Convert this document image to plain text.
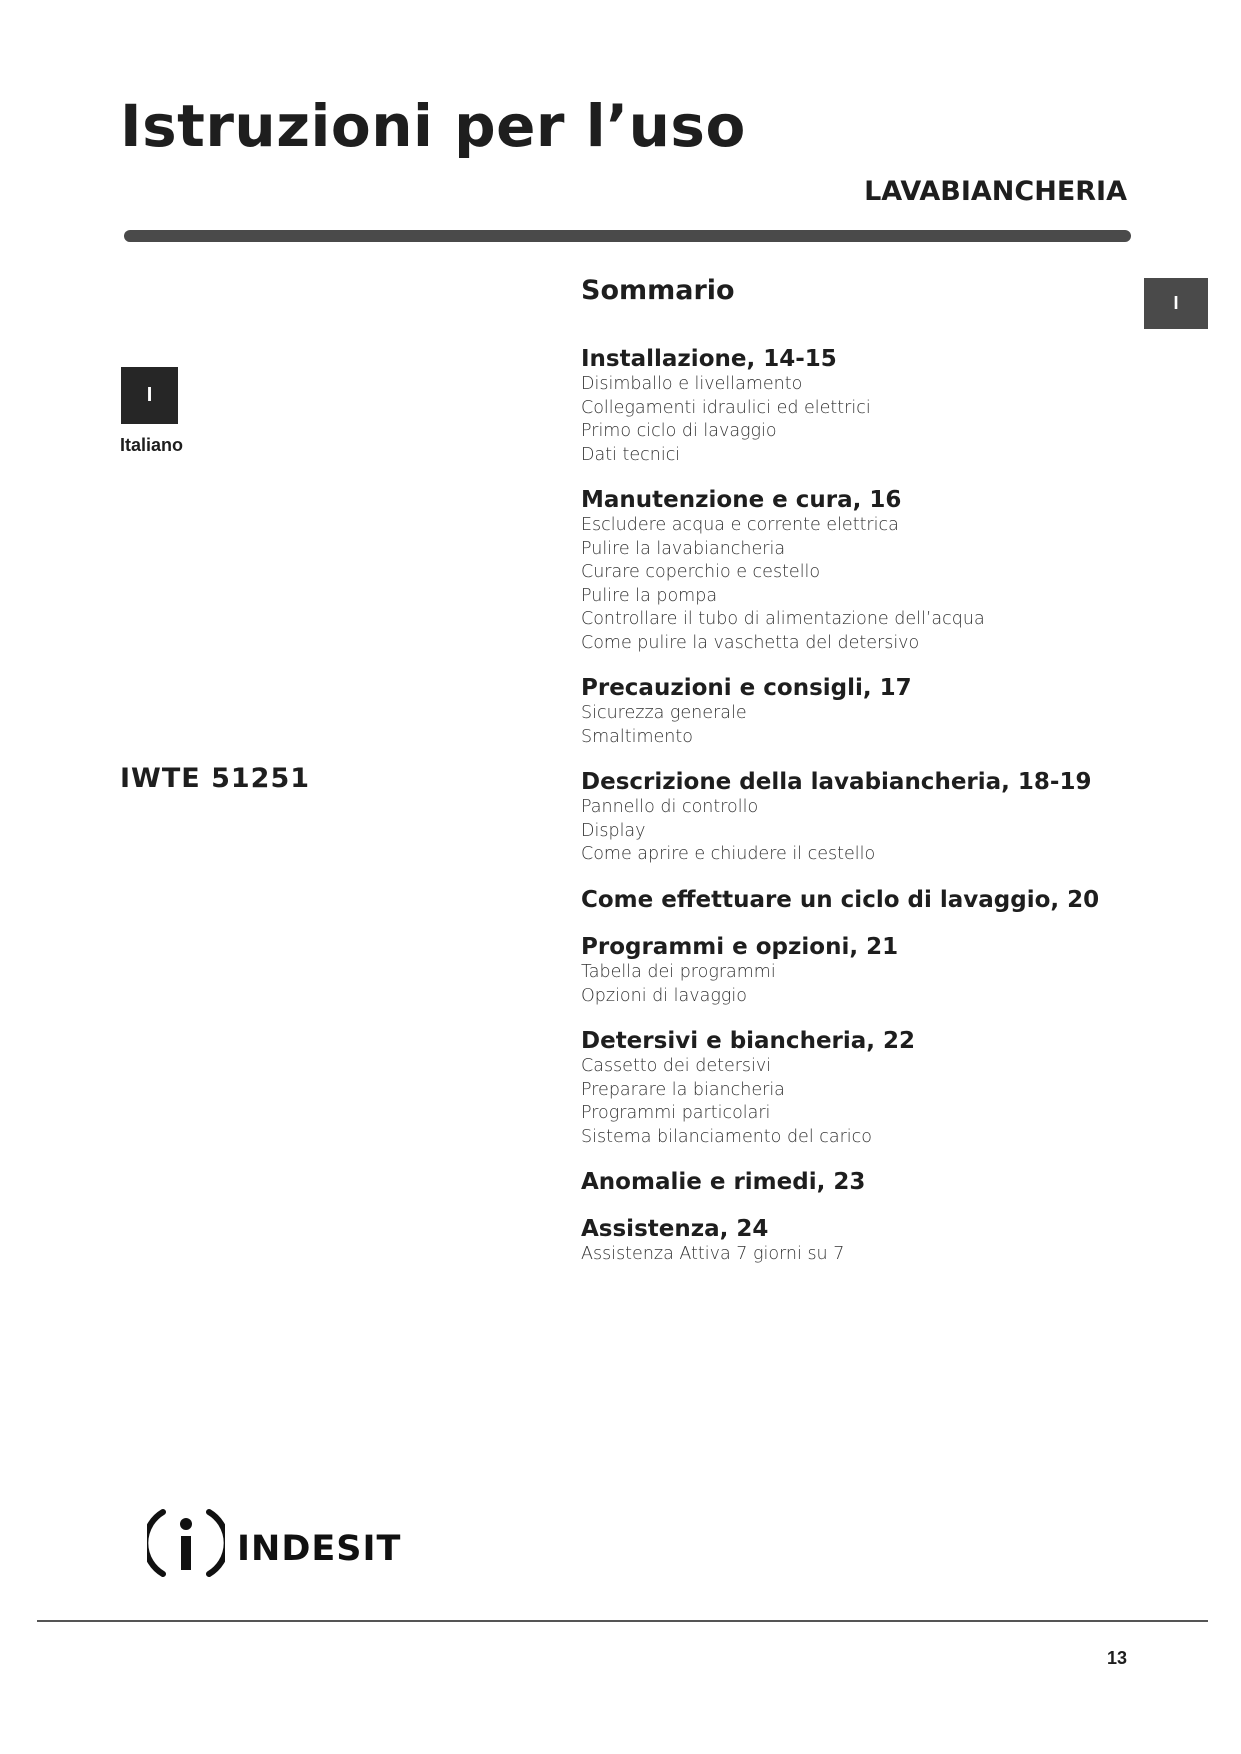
Istruzioni per l’uso
LAVABIANCHERIA
I
I
Italiano
IWTE 51251
Sommario
Installazione, 14-15
Disimballo e livellamento
Collegamenti idraulici ed elettrici
Primo ciclo di lavaggio
Dati tecnici
Manutenzione e cura, 16
Escludere acqua e corrente elettrica
Pulire la lavabiancheria
Curare coperchio e cestello
Pulire la pompa
Controllare il tubo di alimentazione dell’acqua
Come pulire la vaschetta del detersivo
Precauzioni e consigli, 17
Sicurezza generale
Smaltimento
Descrizione della lavabiancheria, 18-19
Pannello di controllo
Display
Come aprire e chiudere il cestello
Come effettuare un ciclo di lavaggio, 20
Programmi e opzioni, 21
Tabella dei programmi
Opzioni di lavaggio
Detersivi e biancheria, 22
Cassetto dei detersivi
Preparare la biancheria
Programmi particolari
Sistema bilanciamento del carico
Anomalie e rimedi, 23
Assistenza, 24
Assistenza Attiva 7 giorni su 7
indesit
13
